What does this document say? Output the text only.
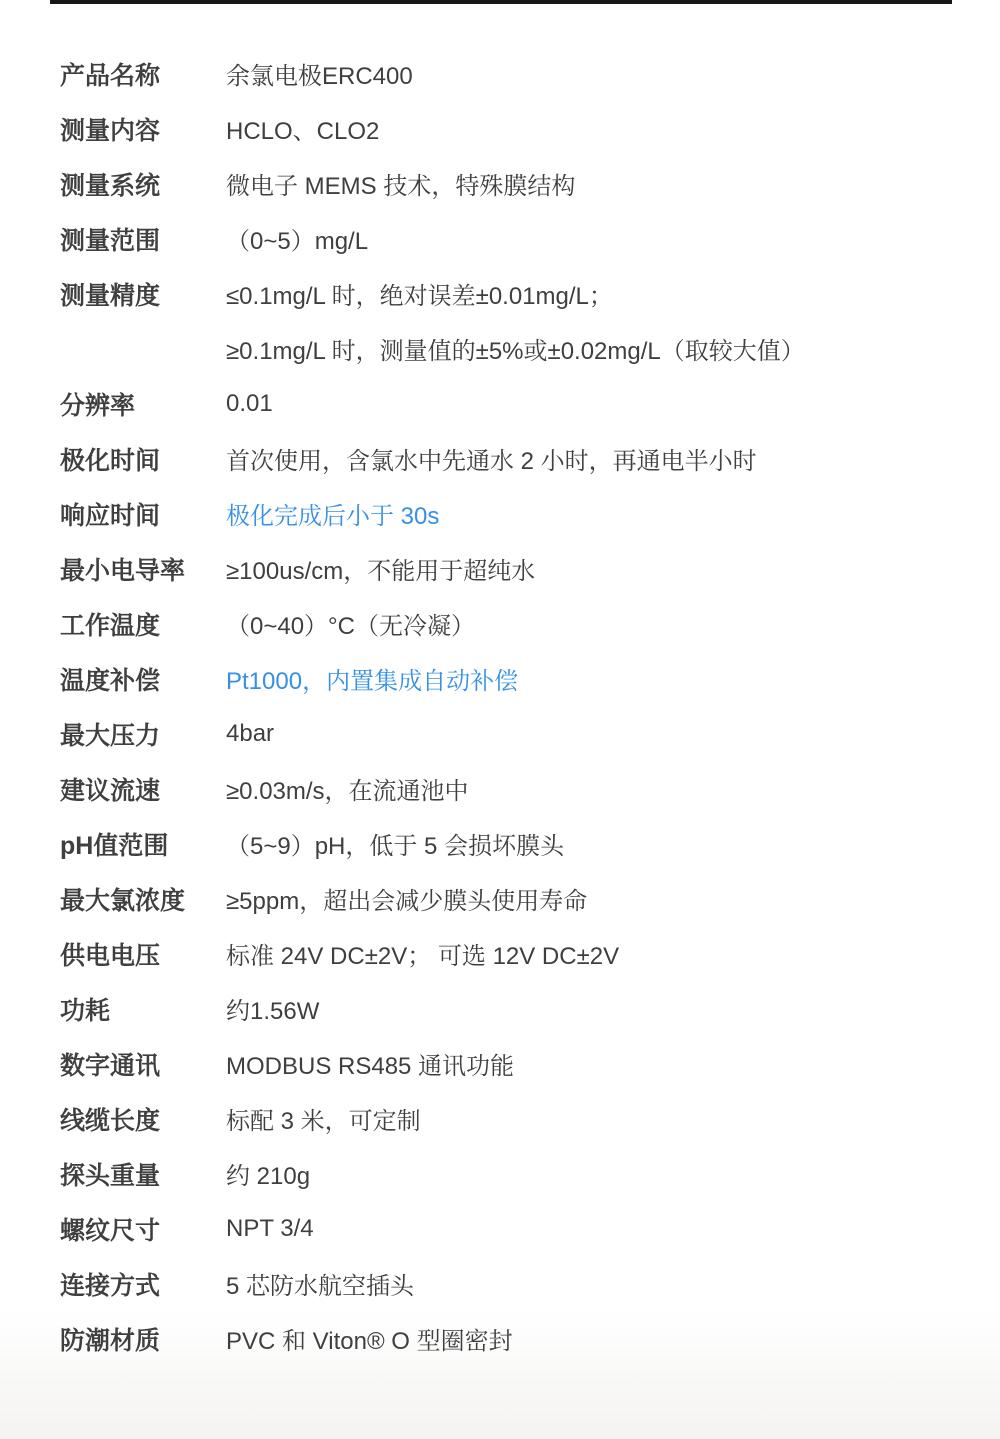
产品名称	余氯电极ERC400
测量内容	HCLO、CLO2
测量系统	微电子 MEMS 技术，特殊膜结构
测量范围	（0~5）mg/L
测量精度	≤0.1mg/L 时，绝对误差±0.01mg/L；
≥0.1mg/L 时，测量值的±5%或±0.02mg/L（取较大值）
分辨率	0.01
极化时间	首次使用，含氯水中先通水 2 小时，再通电半小时
响应时间	极化完成后小于 30s
最小电导率	≥100us/cm，不能用于超纯水
工作温度	（0~40）°C（无冷凝）
温度补偿	Pt1000，内置集成自动补偿
最大压力	4bar
建议流速	≥0.03m/s，在流通池中
pH值范围	（5~9）pH，低于 5 会损坏膜头
最大氯浓度	≥5ppm，超出会减少膜头使用寿命
供电电压	标准 24V DC±2V； 可选 12V DC±2V
功耗	约1.56W
数字通讯	MODBUS RS485 通讯功能
线缆长度	标配 3 米，可定制
探头重量	约 210g
螺纹尺寸	NPT 3/4
连接方式	5 芯防水航空插头
防潮材质	PVC 和 Viton® O 型圈密封
